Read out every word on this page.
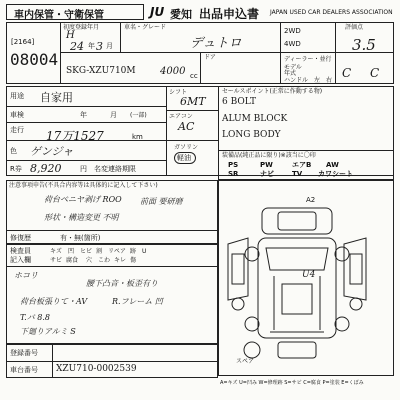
車内保管・守衛保管	JU 愛知 出品申込書 JAPAN USED CAR DEALERS ASSOCIATION
[2164]
08004
初度登録年月
H
24 年 3 月
車名・グレード
デュトロ
2WD
4WD
評価点
3.5
SKG-XZU710M 4000 cc
ドア	ディーラー・並行
モデル
年式
ハンドル 左 右
C C
用途 自家用
車検	年	月 (一部)
走行 17万1527	km
色 ゲンジャ
シフト
6MT
エアコン
AC
ガソリン
軽油
R券 8,920	円 名変連絡期限
セールスポイント(正常に作動する物)
6 BOLT
ALUM BLOCK
LONG BODY
装備品(純正品に限り)※該当に〇印
PS	PW	エアB AW
SR	ナビ	TV カワシート
注意事項申告(不具合内容等は具体的に記入して下さい)
荷台ベニヤ剥げ ROO 前面 要研磨
形状・構造変更 不明
修復歴	有・無(箇所)
検査員	キズ 凹 ヒビ 割 リペア 跡 U
記入欄	サビ 腐食 穴 こわ キレ 傷
ホコリ
腰下凸音・板歪有り
荷台板張りて・AV	R.フレーム 凹
T.バ 8.8
下廻りアルミ S
A2
U4
スペア
登録番号
車台番号 XZU710-0002539
A=キズ U=凹み W=修理跡 S=サビ C=腐食 P=塗装 E=くぼみ
